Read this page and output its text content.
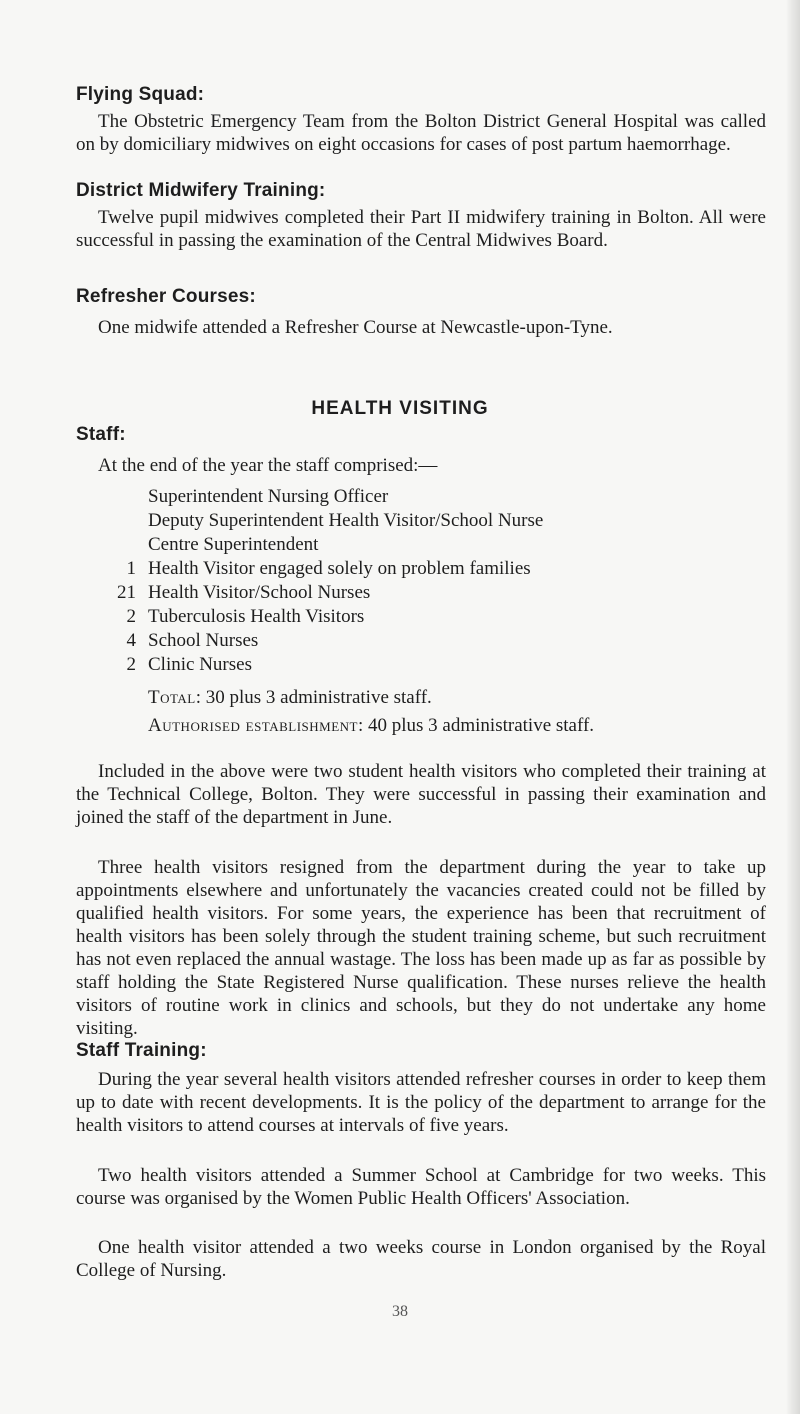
Flying Squad:
The Obstetric Emergency Team from the Bolton District General Hospital was called on by domiciliary midwives on eight occasions for cases of post partum haemorrhage.
District Midwifery Training:
Twelve pupil midwives completed their Part II midwifery training in Bolton. All were successful in passing the examination of the Central Midwives Board.
Refresher Courses:
One midwife attended a Refresher Course at Newcastle-upon-Tyne.
HEALTH VISITING
Staff:
At the end of the year the staff comprised:—
Superintendent Nursing Officer
Deputy Superintendent Health Visitor/School Nurse
Centre Superintendent
1 Health Visitor engaged solely on problem families
21 Health Visitor/School Nurses
2 Tuberculosis Health Visitors
4 School Nurses
2 Clinic Nurses
Total: 30 plus 3 administrative staff.
Authorised establishment: 40 plus 3 administrative staff.
Included in the above were two student health visitors who completed their training at the Technical College, Bolton. They were successful in passing their examination and joined the staff of the department in June.
Three health visitors resigned from the department during the year to take up appointments elsewhere and unfortunately the vacancies created could not be filled by qualified health visitors. For some years, the experience has been that recruitment of health visitors has been solely through the student training scheme, but such recruitment has not even replaced the annual wastage. The loss has been made up as far as possible by staff holding the State Registered Nurse qualification. These nurses relieve the health visitors of routine work in clinics and schools, but they do not undertake any home visiting.
Staff Training:
During the year several health visitors attended refresher courses in order to keep them up to date with recent developments. It is the policy of the department to arrange for the health visitors to attend courses at intervals of five years.
Two health visitors attended a Summer School at Cambridge for two weeks. This course was organised by the Women Public Health Officers' Association.
One health visitor attended a two weeks course in London organised by the Royal College of Nursing.
38
